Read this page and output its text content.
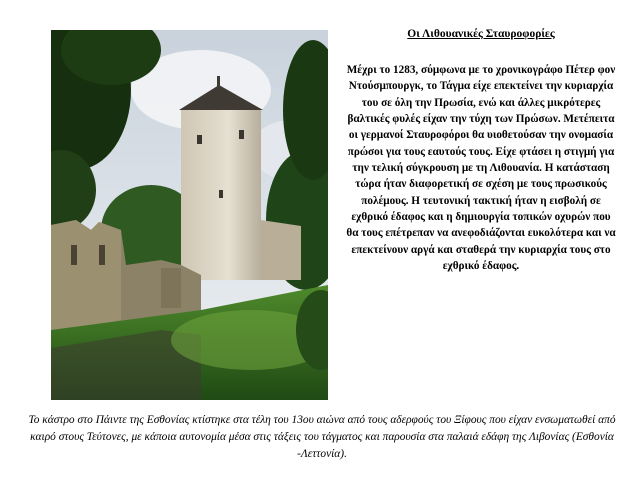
Οι Λιθουανικές Σταυροφορίες

Μέχρι το 1283, σύμφωνα με το χρονικογράφο Πέτερ φον Ντούσμπουργκ, το Τάγμα είχε επεκτείνει την κυριαρχία του σε όλη την Πρωσία, ενώ και άλλες μικρότερες βαλτικές φυλές είχαν την τύχη των Πρώσων. Μετέπειτα οι γερμανοί Σταυροφόροι θα υιοθετούσαν την ονομασία πρώσοι για τους εαυτούς τους. Είχε φτάσει η στιγμή για την τελική σύγκρουση με τη Λιθουανία. Η κατάσταση τώρα ήταν διαφορετική σε σχέση με τους πρωσικούς πολέμους. Η τευτονική τακτική ήταν η εισβολή σε εχθρικό έδαφος και η δημιουργία τοπικών οχυρών που θα τους επέτρεπαν να ανεφοδιάζονται ευκολότερα και να επεκτείνουν αργά και σταθερά την κυριαρχία τους στο εχθρικό έδαφος.

Το κάστρο στο Πάιντε της Εσθονίας κτίστηκε στα τέλη του 13ου αιώνα από τους αδερφούς του Ξίφους που είχαν ενσωματωθεί από καιρό στους Τεύτονες, με κάποια αυτονομία μέσα στις τάξεις του τάγματος και παρουσία στα παλαιά εδάφη της Λιβονίας (Εσθονία -Λεττονία).
